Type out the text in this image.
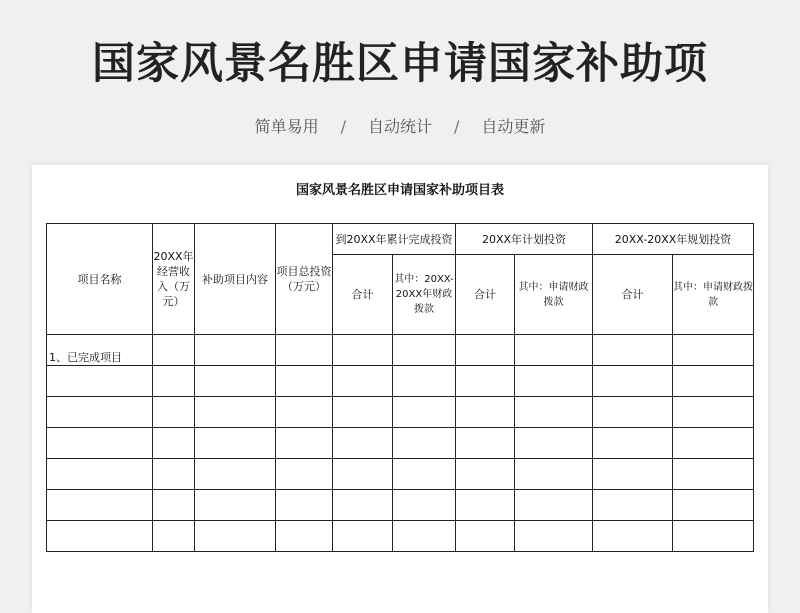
国家风景名胜区申请国家补助项
简单易用 / 自动统计 / 自动更新
国家风景名胜区申请国家补助项目表
项目名称	20XX年经营收入（万元）	补助项目内容	项目总投资（万元）	到20XX年累计完成投资		20XX年计划投资		20XX-20XX年规划投资	
				合计	其中：20XX-20XX年财政拨款	合计	其中：申请财政拨款	合计	其中：申请财政拨款
1、已完成项目									
